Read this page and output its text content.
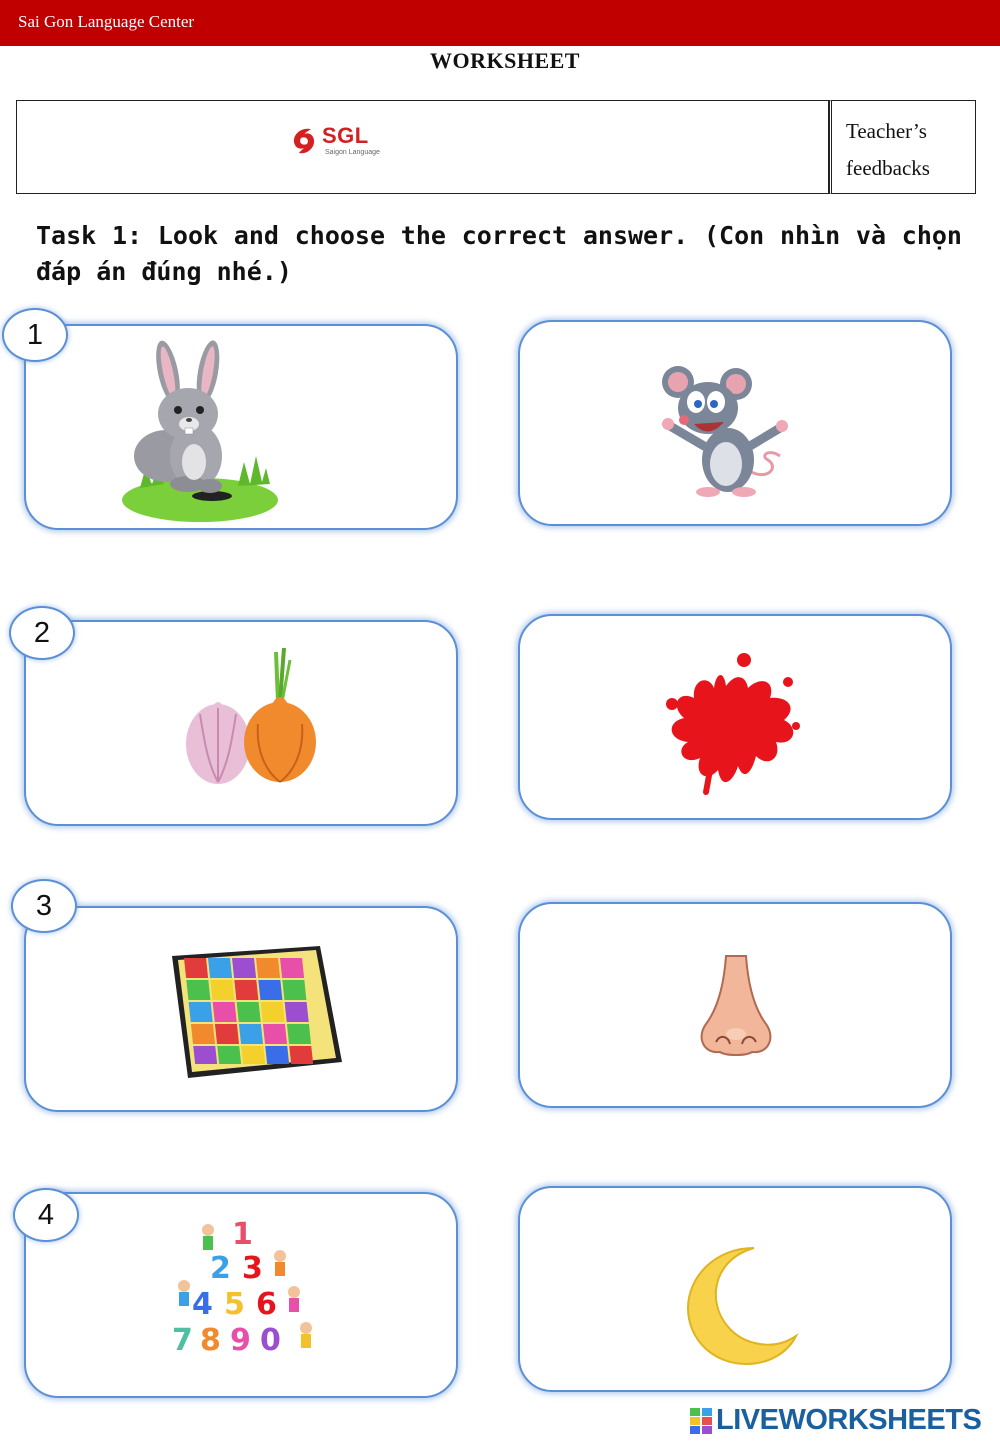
Sai Gon Language Center
WORKSHEET
SGL
Saigon Language
Teacher’s
feedbacks
Task 1: Look and choose the correct answer. (Con nhìn và chọn đáp án đúng nhé.)
1
2
3
1
2 3
4 5 6
7 8 9 0
4
LIVEWORKSHEETS
